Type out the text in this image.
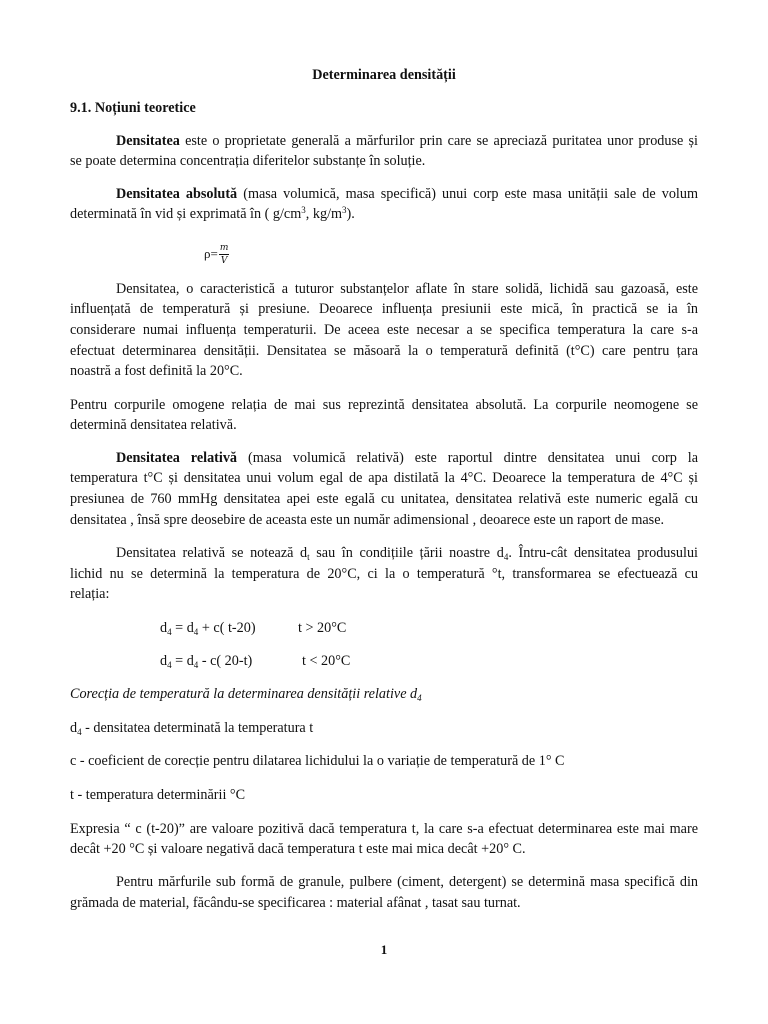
Determinarea densității
9.1. Noțiuni teoretice
Densitatea este o proprietate generală a mărfurilor prin care se apreciază puritatea unor produse și
se poate determina concentrația diferitelor substanțe în soluție.
Densitatea absolută (masa volumică, masa specifică) unui corp este masa unității sale de volum
determinată în vid și exprimată în ( $g/cm^3$, $kg/m^3$).
$\rho= \frac{m}{V}$
Densitatea, o caracteristică a tuturor substanțelor aflate în stare solidă, lichidă sau gazoasă, este
influențată de temperatură și presiune. Deoarece influența presiunii este mică, în practică se ia în
considerare numai influența temperaturii. De aceea este necesar a se specifica temperatura la care s-a
efectuat determinarea densității. Densitatea se măsoară la o temperatură definită (t°C) care pentru țara
noastră a fost definită la 20°C.
Pentru corpurile omogene relația de mai sus reprezintă densitatea absolută. La corpurile neomogene se
determină densitatea relativă.
Densitatea relativă (masa volumică relativă) este raportul dintre densitatea unui corp la
temperatura t°C și densitatea unui volum egal de apa distilată la 4°C. Deoarece la temperatura de 4°C și
presiunea de 760 mmHg densitatea apei este egală cu unitatea, densitatea relativă este numeric egală cu
densitatea , însă spre deosebire de aceasta este un număr adimensional , deoarece este un raport de mase.
Densitatea relativă se notează $d_t$ sau în condițiile țării noastre $d_4$. Întru-cât densitatea produsului
lichid nu se determină la temperatura de 20°C, ci la o temperatură °t, transformarea se efectuează cu
relația:
$d_4 = d_4 + c$( t-20)	t > 20°C
$d_4 = d_4 - c$( 20-t)	t < 20°C
Corecția de temperatură la determinarea densității relative $d_4$
$d_4$ - densitatea determinată la temperatura t
c - coeficient de corecție pentru dilatarea lichidului la o variație de temperatură de 1° C
t - temperatura determinării °C
Expresia “ c (t-20)” are valoare pozitivă dacă temperatura t, la care s-a efectuat determinarea este mai mare
decât +20 °C și valoare negativă dacă temperatura t este mai mica decât +20° C.
Pentru mărfurile sub formă de granule, pulbere (ciment, detergent) se determină masa specifică din
grămada de material, făcându-se specificarea : material afânat , tasat sau turnat.
1
